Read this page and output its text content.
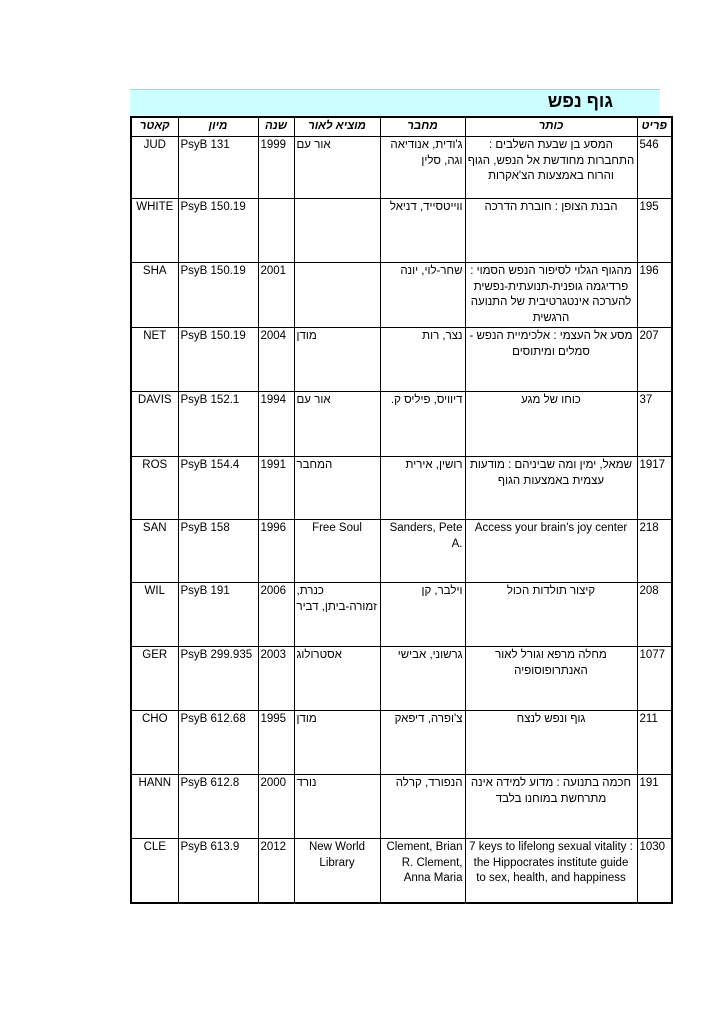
גוף נפש
פריט	כותר	מחבר	מוציא לאור	שנה	מיון	קאטר
546	המסע בן שבעת השלבים : התחברות מחודשת אל הנפש, הגוף והרוח באמצעות הצ'אקרות	ג'ודית, אנודיאה וגה, סלין	אור עם	1999	PsyB 131	JUD
195	הבנת הצופן : חוברת הדרכה	ווייטסייד, דניאל			PsyB 150.19	WHITE
196	מהגוף הגלוי לסיפור הנפש הסמוי : פרדיגמה גופנית-תנועתית-נפשית להערכה אינטגרטיבית של התנועה הרגשית	שחר-לוי, יונה		2001	PsyB 150.19	SHA
207	מסע אל העצמי : אלכימיית הנפש - סמלים ומיתוסים	נצר, רות	מודן	2004	PsyB 150.19	NET
37	כוחו של מגע	דיוויס, פיליס ק.	אור עם	1994	PsyB 152.1	DAVIS
1917	שמאל, ימין ומה שביניהם : מודעות עצמית באמצעות הגוף	רושין, אירית	המחבר	1991	PsyB 154.4	ROS
218	Access your brain's joy center	Sanders, Pete A.	Free Soul	1996	PsyB 158	SAN
208	קיצור תולדות הכול	וילבר, קן	כנרת, זמורה-ביתן, דביר	2006	PsyB 191	WIL
1077	מחלה מרפא וגורל לאור האנתרופוסופיה	גרשוני, אבישי	אסטרולוג	2003	PsyB 299.935	GER
211	גוף ונפש לנצח	צ'ופרה, דיפאק	מודן	1995	PsyB 612.68	CHO
191	חכמה בתנועה : מדוע למידה אינה מתרחשת במוחנו בלבד	הנפורד, קרלה	נורד	2000	PsyB 612.8	HANN
1030	7 keys to lifelong sexual vitality : the Hippocrates institute guide to sex, health, and happiness	Clement, Brian R. Clement, Anna Maria	New World Library	2012	PsyB 613.9	CLE
